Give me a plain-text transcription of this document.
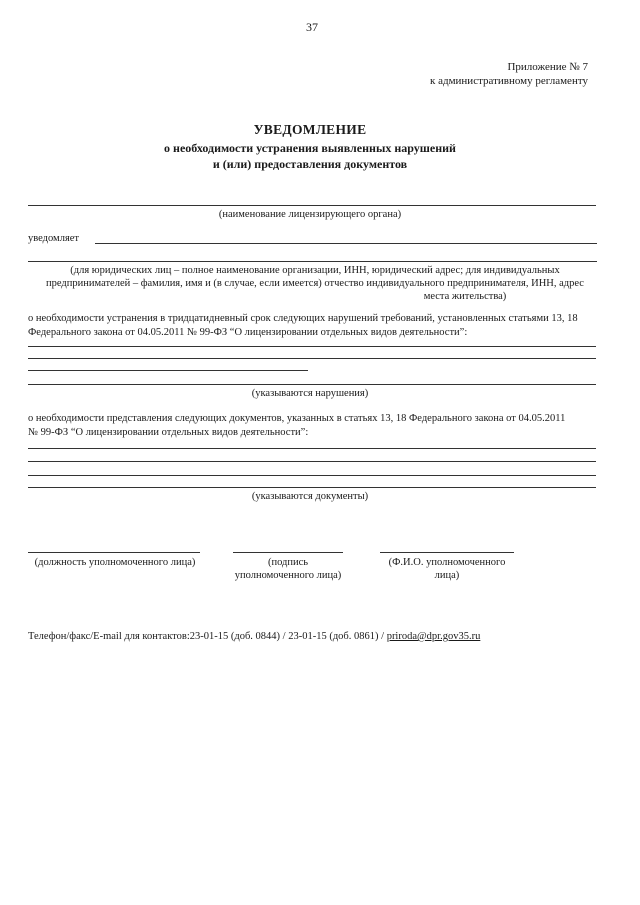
37
Приложение № 7
к административному регламенту
УВЕДОМЛЕНИЕ
о необходимости устранения выявленных нарушений
и (или) предоставления документов
(наименование лицензирующего органа)
уведомляет
(для юридических лиц – полное наименование организации, ИНН, юридический адрес; для индивидуальных
предпринимателей – фамилия, имя и (в случае, если имеется) отчество индивидуального предпринимателя, ИНН, адрес
места жительства)
о необходимости устранения в тридцатидневный срок следующих нарушений требований, установленных статьями 13, 18
Федерального закона от 04.05.2011 № 99-ФЗ “О лицензировании отдельных видов деятельности”:
(указываются нарушения)
о необходимости представления следующих документов, указанных в статьях 13, 18 Федерального закона от 04.05.2011
№ 99-ФЗ “О лицензировании отдельных видов деятельности”:
(указываются документы)
(должность уполномоченного лица)	(подпись
уполномоченного лица)
(Ф.И.О. уполномоченного
лица)
Телефон/факс/E-mail для контактов:23-01-15 (доб. 0844) / 23-01-15 (доб. 0861) / priroda@dpr.gov35.ru
